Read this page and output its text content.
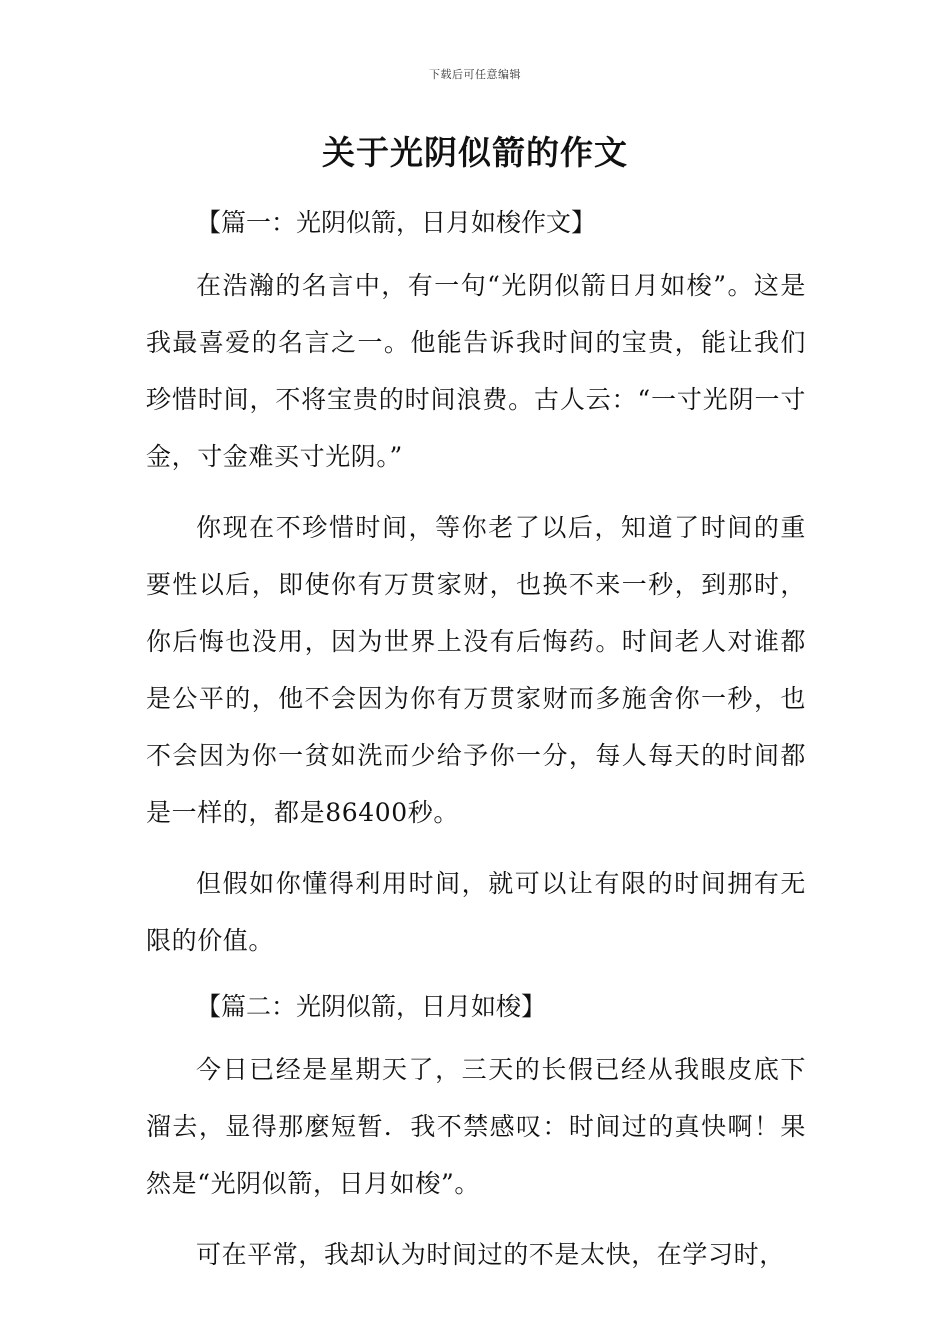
下载后可任意编辑
关于光阴似箭的作文

【篇一：光阴似箭，日月如梭作文】

在浩瀚的名言中，有一句“光阴似箭日月如梭”。这是我最喜爱的名言之一。他能告诉我时间的宝贵，能让我们珍惜时间，不将宝贵的时间浪费。古人云：“一寸光阴一寸金，寸金难买寸光阴。”

你现在不珍惜时间，等你老了以后，知道了时间的重要性以后，即使你有万贯家财，也换不来一秒，到那时，你后悔也没用，因为世界上没有后悔药。时间老人对谁都是公平的，他不会因为你有万贯家财而多施舍你一秒，也不会因为你一贫如洗而少给予你一分，每人每天的时间都是一样的，都是86400秒。

但假如你懂得利用时间，就可以让有限的时间拥有无限的价值。

【篇二：光阴似箭，日月如梭】

今日已经是星期天了，三天的长假已经从我眼皮底下溜去，显得那麼短暂．我不禁感叹：时间过的真快啊！果然是“光阴似箭，日月如梭”。

可在平常，我却认为时间过的不是太快，在学习时，
